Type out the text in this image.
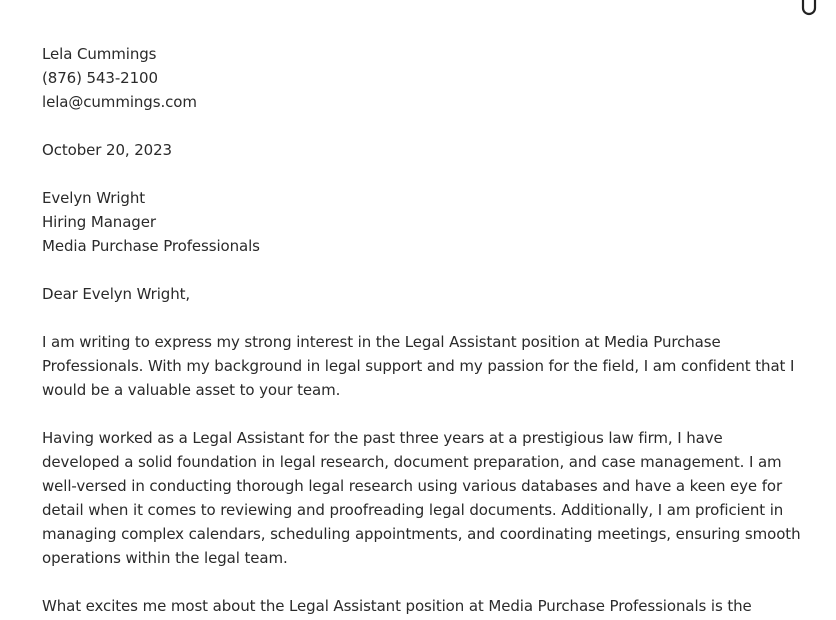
Lela Cummings
(876) 543-2100
lela@cummings.com
October 20, 2023
Evelyn Wright
Hiring Manager
Media Purchase Professionals
Dear Evelyn Wright,

I am writing to express my strong interest in the Legal Assistant position at Media Purchase Professionals. With my background in legal support and my passion for the field, I am confident that I would be a valuable asset to your team.

Having worked as a Legal Assistant for the past three years at a prestigious law firm, I have developed a solid foundation in legal research, document preparation, and case management. I am well-versed in conducting thorough legal research using various databases and have a keen eye for detail when it comes to reviewing and proofreading legal documents. Additionally, I am proficient in managing complex calendars, scheduling appointments, and coordinating meetings, ensuring smooth operations within the legal team.

What excites me most about the Legal Assistant position at Media Purchase Professionals is the
